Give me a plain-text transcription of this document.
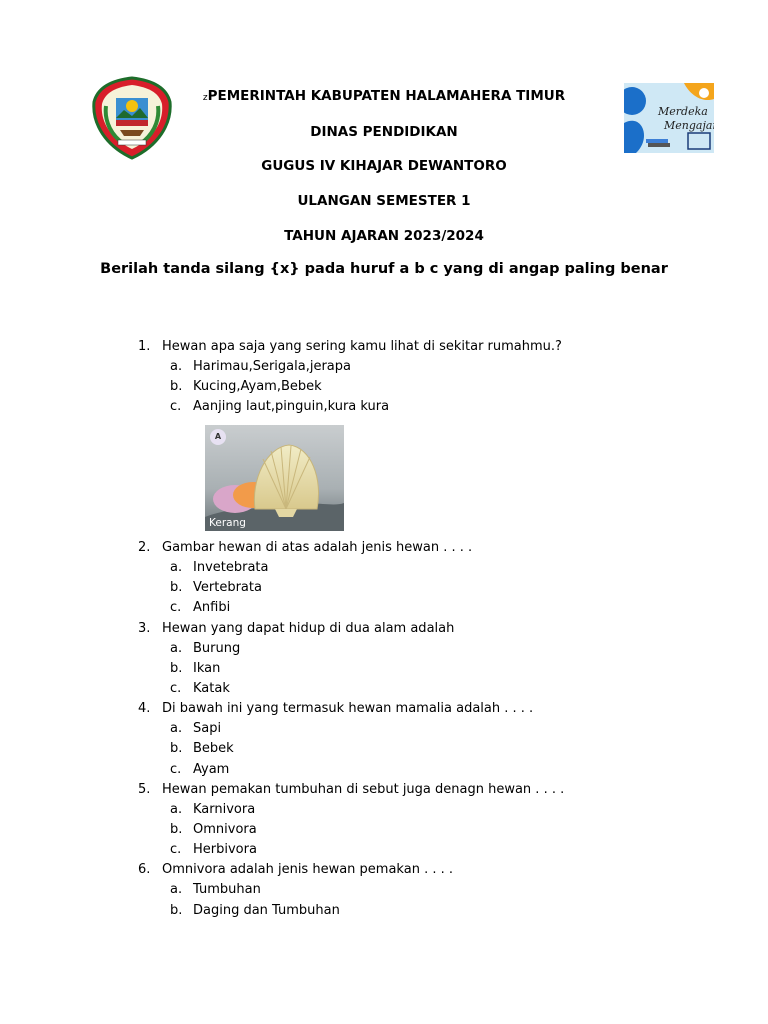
Merdeka
Mengajar
zPEMERINTAH KABUPATEN HALAMAHERA TIMUR
DINAS PENDIDIKAN
GUGUS IV KIHAJAR DEWANTORO
ULANGAN SEMESTER 1
TAHUN AJARAN 2023/2024
Berilah tanda silang {x} pada huruf a b c yang di angap paling benar
1. Hewan apa saja yang sering kamu lihat di sekitar rumahmu.?
a. Harimau,Serigala,jerapa
b. Kucing,Ayam,Bebek
c. Aanjing laut,pinguin,kura kura
A
Kerang
2. Gambar hewan di atas adalah jenis hewan . . . .
a. Invetebrata
b. Vertebrata
c. Anfibi
3. Hewan yang dapat hidup di dua alam adalah
a. Burung
b. Ikan
c. Katak
4. Di bawah ini yang termasuk hewan mamalia adalah . . . .
a. Sapi
b. Bebek
c. Ayam
5. Hewan pemakan tumbuhan di sebut juga denagn hewan . . . .
a. Karnivora
b. Omnivora
c. Herbivora
6. Omnivora adalah jenis hewan pemakan . . . .
a. Tumbuhan
b. Daging dan Tumbuhan
